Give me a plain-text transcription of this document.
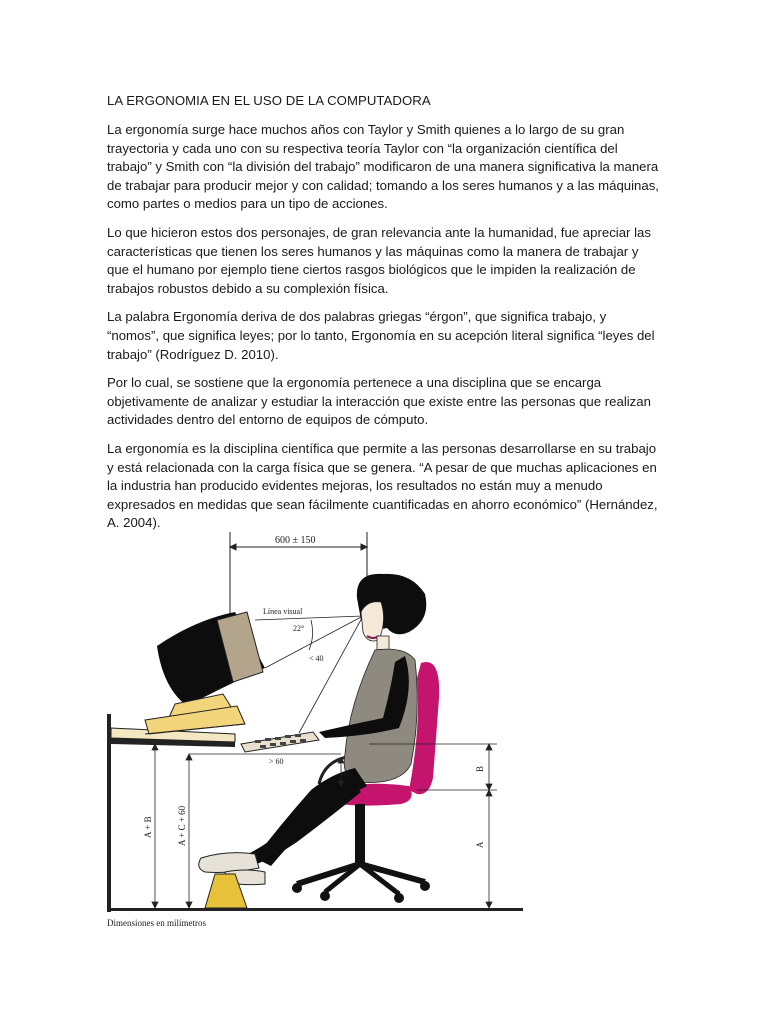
LA ERGONOMIA EN EL USO DE LA COMPUTADORA

La ergonomía surge hace muchos años con Taylor y Smith quienes a lo largo de su gran trayectoria y cada uno con su respectiva teoría Taylor con “la organización científica del trabajo” y Smith con “la división del trabajo” modificaron de una manera significativa la manera de trabajar para producir mejor y con calidad; tomando a los seres humanos y a las máquinas, como partes o medios para un tipo de acciones.

Lo que hicieron estos dos personajes, de gran relevancia ante la humanidad, fue apreciar las características que tienen los seres humanos y las máquinas como la manera de trabajar y que el humano por ejemplo tiene ciertos rasgos biológicos que le impiden la realización de trabajos robustos debido a su complexión física.

La palabra Ergonomía deriva de dos palabras griegas “érgon”, que significa trabajo, y “nomos”, que significa leyes; por lo tanto, Ergonomía en su acepción literal significa “leyes del trabajo” (Rodríguez D. 2010).

Por lo cual, se sostiene que la ergonomía pertenece a una disciplina que se encarga objetivamente de analizar y estudiar la interacción que existe entre las personas que realizan actividades dentro del entorno de equipos de cómputo.

La ergonomía es la disciplina científica que permite a las personas desarrollarse en su trabajo y está relacionada con la carga física que se genera. “A pesar de que muchas aplicaciones en la industria han producido evidentes mejoras, los resultados no están muy a menudo expresados en medidas que sean fácilmente cuantificadas en ahorro económico” (Hernández, A. 2004).

600 ± 150
Línea visual
22°
< 40
A + B	A + C + 60
> 60
C
B
A
Dimensiones en milímetros
